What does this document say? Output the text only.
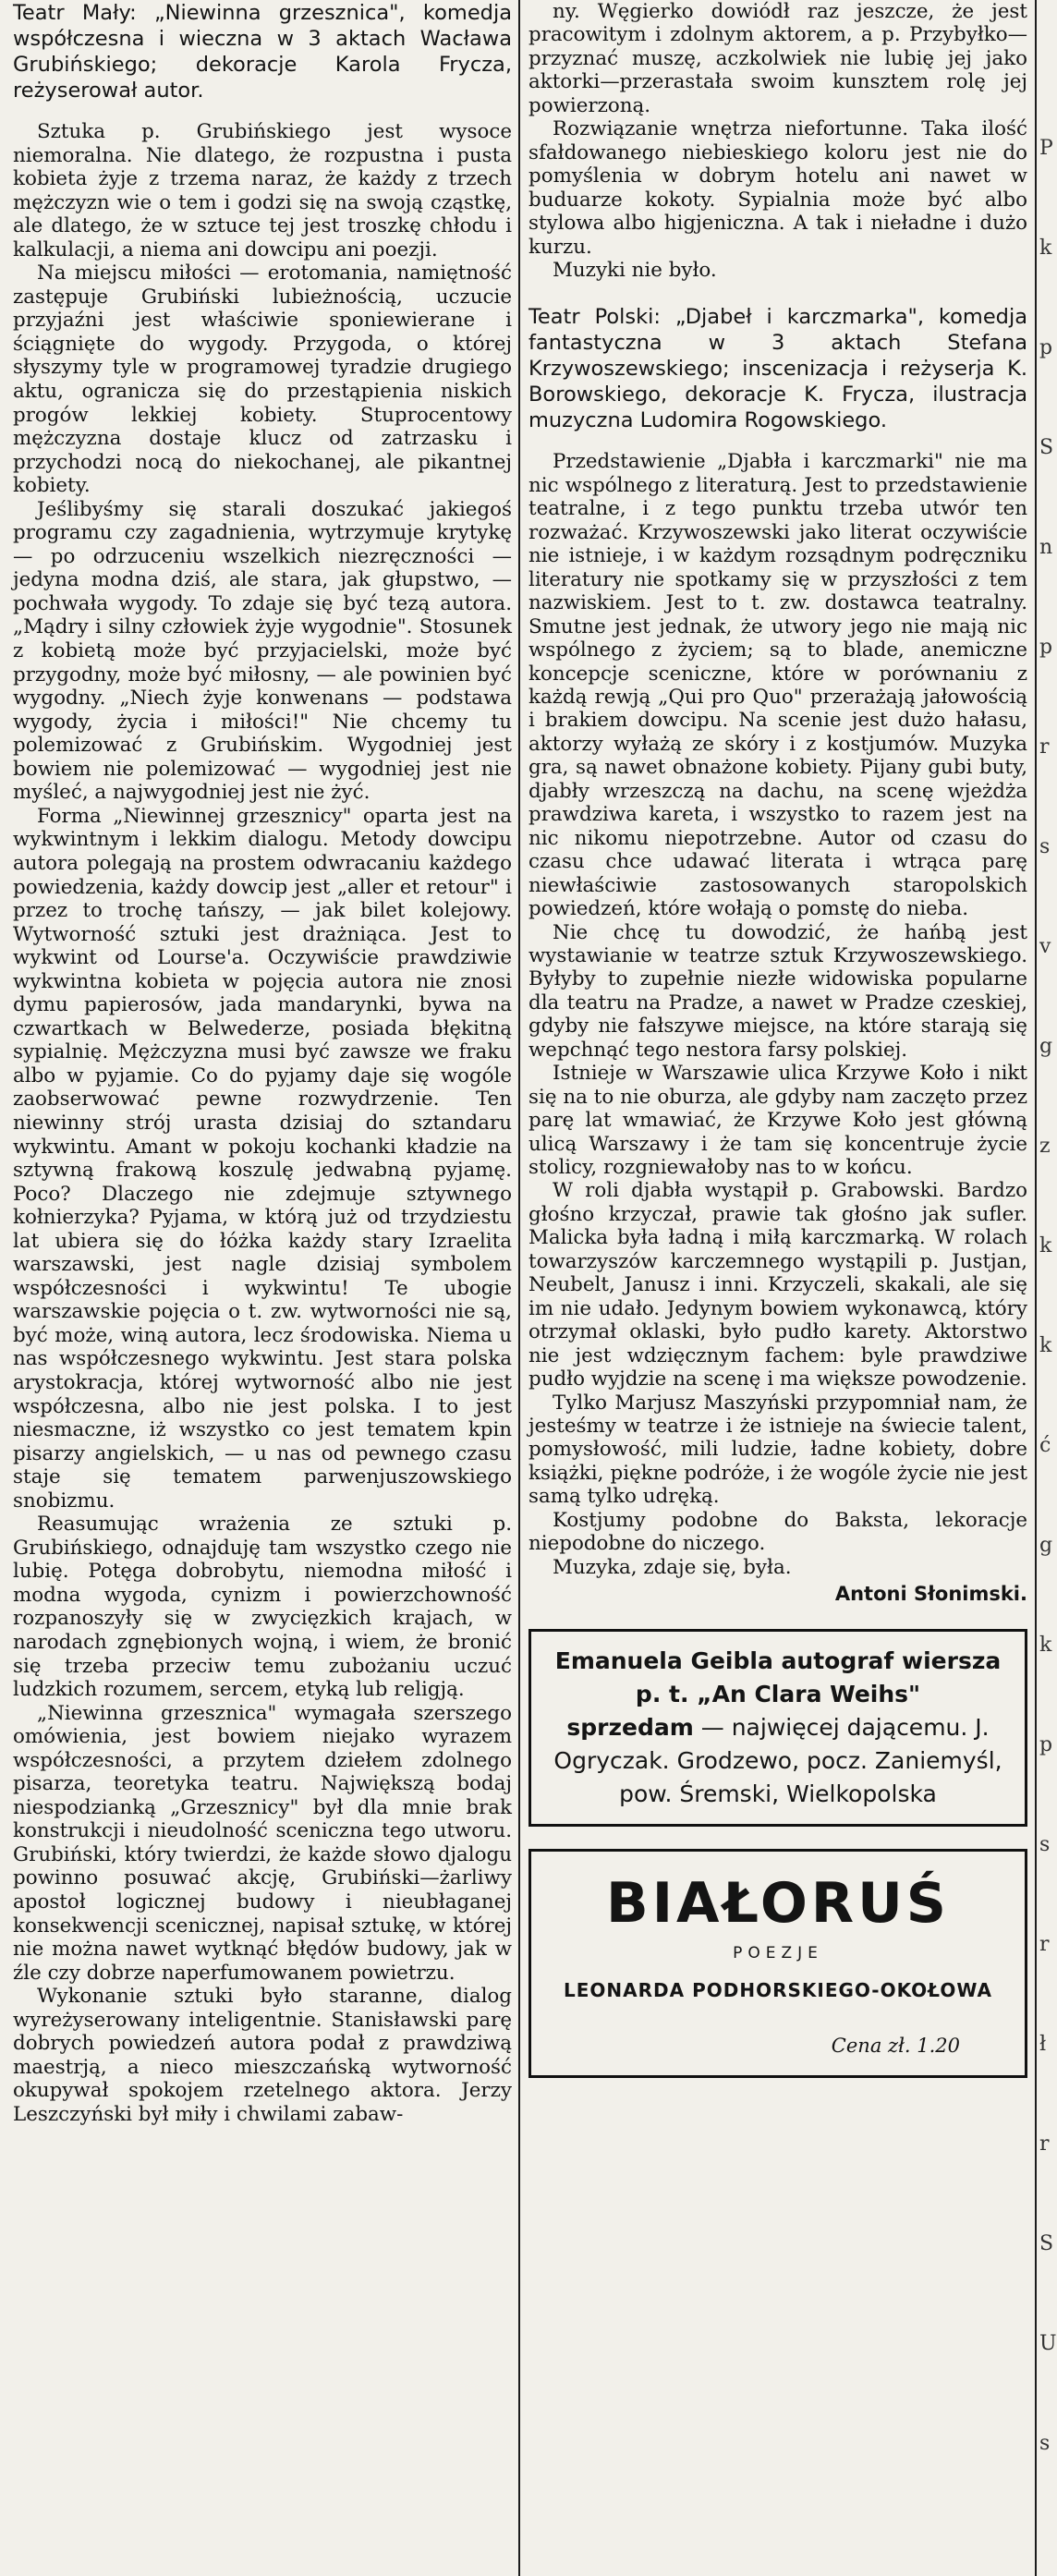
Teatr Mały: „Niewinna grzesznica", komedja współczesna i wieczna w 3 aktach Wacława Grubińskiego; dekoracje Karola Frycza, reżyserował autor.

Sztuka p. Grubińskiego jest wysoce niemoralna. Nie dlatego, że rozpustna i pusta kobieta żyje z trzema naraz, że każdy z trzech mężczyzn wie o tem i godzi się na swoją cząstkę, ale dlatego, że w sztuce tej jest troszkę chłodu i kalkulacji, a niema ani dowcipu ani poezji.

Na miejscu miłości — erotomania, namiętność zastępuje Grubiński lubieżnością, uczucie przyjaźni jest właściwie sponiewierane i ściągnięte do wygody. Przygoda, o której słyszymy tyle w programowej tyradzie drugiego aktu, ogranicza się do przestąpienia niskich progów lekkiej kobiety. Stuprocentowy mężczyzna dostaje klucz od zatrzasku i przychodzi nocą do niekochanej, ale pikantnej kobiety.

Jeślibyśmy się starali doszukać jakiegoś programu czy zagadnienia, wytrzymuje krytykę — po odrzuceniu wszelkich niezręczności — jedyna modna dziś, ale stara, jak głupstwo, — pochwała wygody. To zdaje się być tezą autora. „Mądry i silny człowiek żyje wygodnie". Stosunek z kobietą może być przyjacielski, może być przygodny, może być miłosny, — ale powinien być wygodny. „Niech żyje konwenans — podstawa wygody, życia i miłości!" Nie chcemy tu polemizować z Grubińskim. Wygodniej jest bowiem nie polemizować — wygodniej jest nie myśleć, a najwygodniej jest nie żyć.

Forma „Niewinnej grzesznicy" oparta jest na wykwintnym i lekkim dialogu. Metody dowcipu autora polegają na prostem odwracaniu każdego powiedzenia, każdy dowcip jest „aller et retour" i przez to trochę tańszy, — jak bilet kolejowy. Wytworność sztuki jest drażniąca. Jest to wykwint od Lourse'a. Oczywiście prawdziwie wykwintna kobieta w pojęcia autora nie znosi dymu papierosów, jada mandarynki, bywa na czwartkach w Belwederze, posiada błękitną sypialnię. Mężczyzna musi być zawsze we fraku albo w pyjamie. Co do pyjamy daje się wogóle zaobserwować pewne rozwydrzenie. Ten niewinny strój urasta dzisiaj do sztandaru wykwintu. Amant w pokoju kochanki kładzie na sztywną frakową koszulę jedwabną pyjamę. Poco? Dlaczego nie zdejmuje sztywnego kołnierzyka? Pyjama, w którą już od trzydziestu lat ubiera się do łóżka każdy stary Izraelita warszawski, jest nagle dzisiaj symbolem współczesności i wykwintu! Te ubogie warszawskie pojęcia o t. zw. wytworności nie są, być może, winą autora, lecz środowiska. Niema u nas współczesnego wykwintu. Jest stara polska arystokracja, której wytworność albo nie jest współczesna, albo nie jest polska. I to jest niesmaczne, iż wszystko co jest tematem kpin pisarzy angielskich, — u nas od pewnego czasu staje się tematem parwenjuszowskiego snobizmu.

Reasumując wrażenia ze sztuki p. Grubińskiego, odnajduję tam wszystko czego nie lubię. Potęga dobrobytu, niemodna miłość i modna wygoda, cynizm i powierzchowność rozpanoszyły się w zwycięzkich krajach, w narodach zgnębionych wojną, i wiem, że bronić się trzeba przeciw temu zubożaniu uczuć ludzkich rozumem, sercem, etyką lub religją.

„Niewinna grzesznica" wymagała szerszego omówienia, jest bowiem niejako wyrazem współczesności, a przytem dziełem zdolnego pisarza, teoretyka teatru. Największą bodaj niespodzianką „Grzesznicy" był dla mnie brak konstrukcji i nieudolność sceniczna tego utworu. Grubiński, który twierdzi, że każde słowo djalogu powinno posuwać akcję, Grubiński—żarliwy apostoł logicznej budowy i nieubłaganej konsekwencji scenicznej, napisał sztukę, w której nie można nawet wytknąć błędów budowy, jak w źle czy dobrze naperfumowanem powietrzu.

Wykonanie sztuki było staranne, dialog wyreżyserowany inteligentnie. Stanisławski parę dobrych powiedzeń autora podał z prawdziwą maestrją, a nieco mieszczańską wytworność okupywał spokojem rzetelnego aktora. Jerzy Leszczyński był miły i chwilami zabaw-

ny. Węgierko dowiódł raz jeszcze, że jest pracowitym i zdolnym aktorem, a p. Przybyłko—przyznać muszę, aczkolwiek nie lubię jej jako aktorki—przerastała swoim kunsztem rolę jej powierzoną.

Rozwiązanie wnętrza niefortunne. Taka ilość sfałdowanego niebieskiego koloru jest nie do pomyślenia w dobrym hotelu ani nawet w buduarze kokoty. Sypialnia może być albo stylowa albo higjeniczna. A tak i nieładne i dużo kurzu.

Muzyki nie było.

Teatr Polski: „Djabeł i karczmarka", komedja fantastyczna w 3 aktach Stefana Krzywoszewskiego; inscenizacja i reżyserja K. Borowskiego, dekoracje K. Frycza, ilustracja muzyczna Ludomira Rogowskiego.

Przedstawienie „Djabła i karczmarki" nie ma nic wspólnego z literaturą. Jest to przedstawienie teatralne, i z tego punktu trzeba utwór ten rozważać. Krzywoszewski jako literat oczywiście nie istnieje, i w każdym rozsądnym podręczniku literatury nie spotkamy się w przyszłości z tem nazwiskiem. Jest to t. zw. dostawca teatralny. Smutne jest jednak, że utwory jego nie mają nic wspólnego z życiem; są to blade, anemiczne koncepcje sceniczne, które w porównaniu z każdą rewją „Qui pro Quo" przerażają jałowością i brakiem dowcipu. Na scenie jest dużo hałasu, aktorzy wyłażą ze skóry i z kostjumów. Muzyka gra, są nawet obnażone kobiety. Pijany gubi buty, djabły wrzeszczą na dachu, na scenę wjeżdża prawdziwa kareta, i wszystko to razem jest na nic nikomu niepotrzebne. Autor od czasu do czasu chce udawać literata i wtrąca parę niewłaściwie zastosowanych staropolskich powiedzeń, które wołają o pomstę do nieba.

Nie chcę tu dowodzić, że hańbą jest wystawianie w teatrze sztuk Krzywoszewskiego. Byłyby to zupełnie niezłe widowiska popularne dla teatru na Pradze, a nawet w Pradze czeskiej, gdyby nie fałszywe miejsce, na które starają się wepchnąć tego nestora farsy polskiej.

Istnieje w Warszawie ulica Krzywe Koło i nikt się na to nie oburza, ale gdyby nam zaczęto przez parę lat wmawiać, że Krzywe Koło jest główną ulicą Warszawy i że tam się koncentruje życie stolicy, rozgniewałoby nas to w końcu.

W roli djabła wystąpił p. Grabowski. Bardzo głośno krzyczał, prawie tak głośno jak sufler. Malicka była ładną i miłą karczmarką. W rolach towarzyszów karczemnego wystąpili p. Justjan, Neubelt, Janusz i inni. Krzyczeli, skakali, ale się im nie udało. Jedynym bowiem wykonawcą, który otrzymał oklaski, było pudło karety. Aktorstwo nie jest wdzięcznym fachem: byle prawdziwe pudło wyjdzie na scenę i ma większe powodzenie.

Tylko Marjusz Maszyński przypomniał nam, że jesteśmy w teatrze i że istnieje na świecie talent, pomysłowość, mili ludzie, ładne kobiety, dobre książki, piękne podróże, i że wogóle życie nie jest samą tylko udręką.

Kostjumy podobne do Baksta, lekoracje niepodobne do niczego.

Muzyka, zdaje się, była.

Antoni Słonimski.
Emanuela Geibla autograf wiersza p. t. „An Clara Weihs"
sprzedam — najwięcej dającemu. J. Ogryczak. Grodzewo, pocz. Zaniemyśl, pow. Śremski, Wielkopolska
BIAŁORUŚ
POEZJE
LEONARDA PODHORSKIEGO-OKOŁOWA
Cena zł. 1.20
P
k
p
S
n
p
r
s
v
g
z
k
k
ć
g
k
p
s
r
ł
r
S
U
s
